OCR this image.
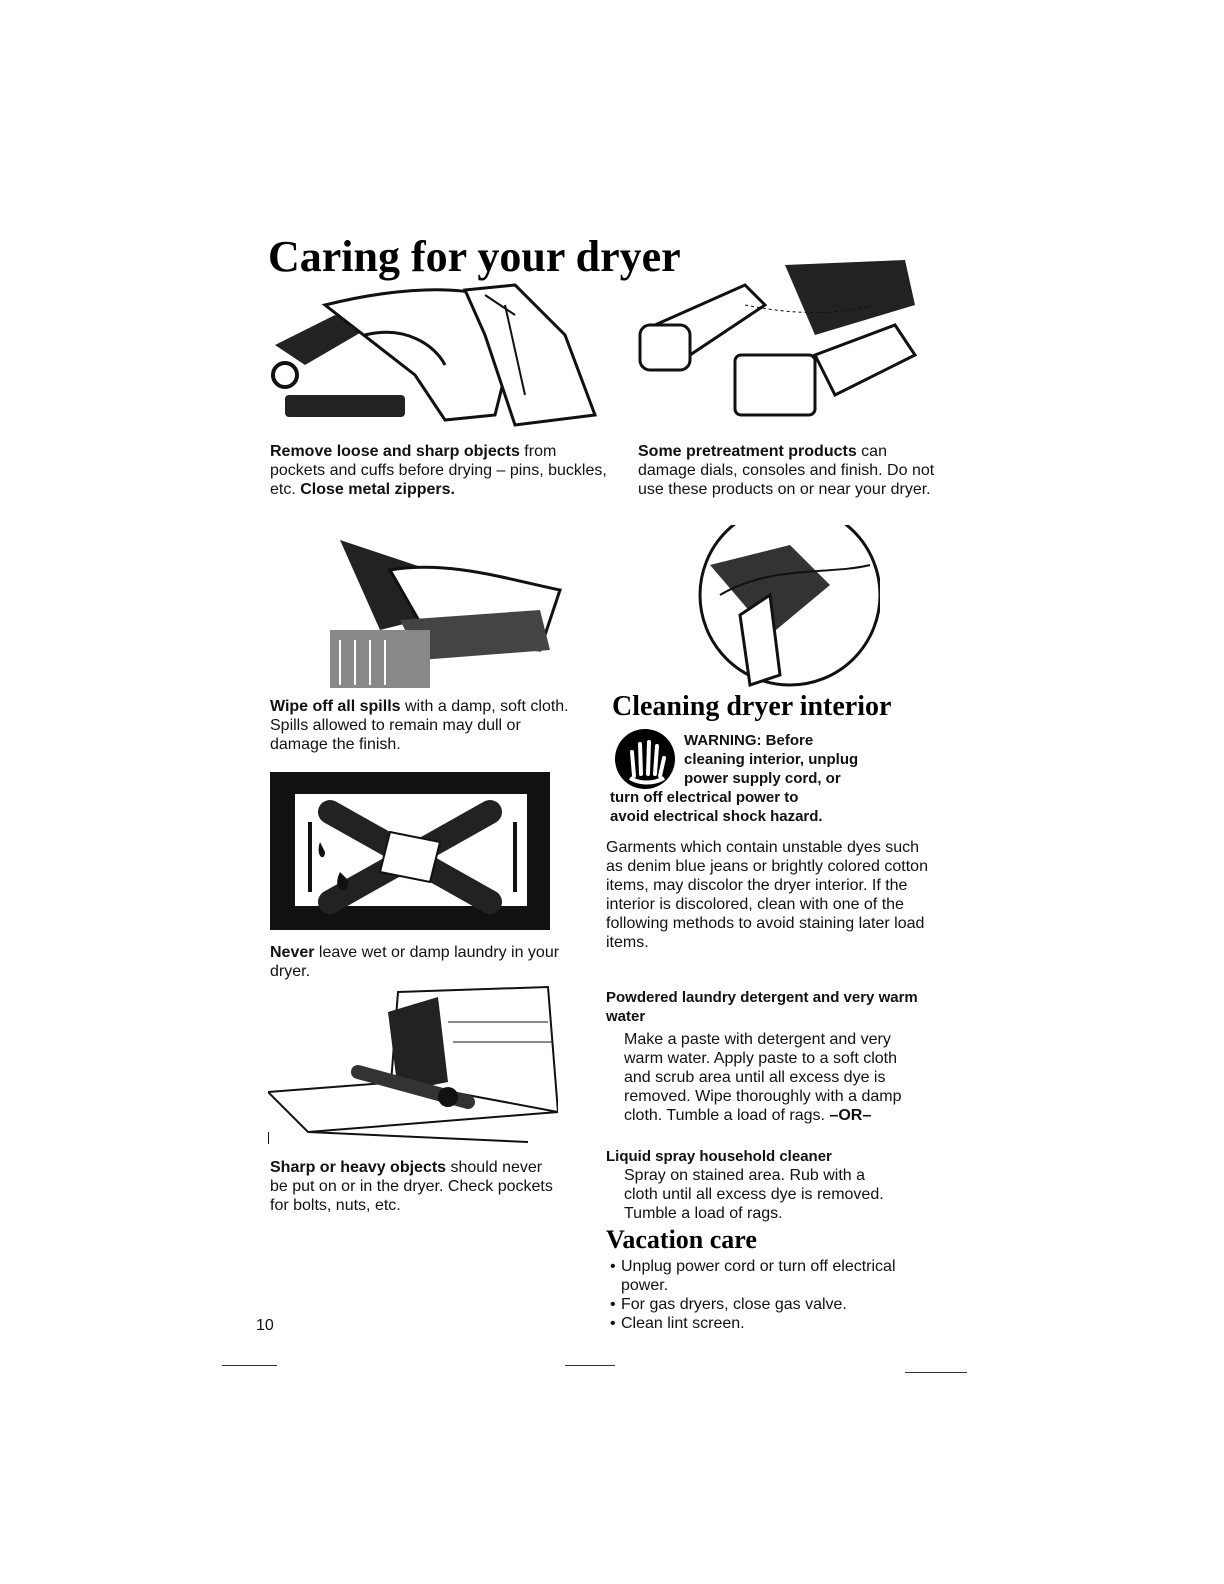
Caring for your dryer
Remove loose and sharp objects from pockets and cuffs before drying – pins, buckles, etc. Close metal zippers.
Some pretreatment products can damage dials, consoles and finish. Do not use these products on or near your dryer.
Wipe off all spills with a damp, soft cloth. Spills allowed to remain may dull or damage the finish.
Cleaning dryer interior
WARNING: Before
cleaning interior, unplug
power supply cord, or
turn off electrical power to
avoid electrical shock hazard.
Garments which contain unstable dyes such as denim blue jeans or brightly colored cotton items, may discolor the dryer interior. If the interior is discolored, clean with one of the following methods to avoid staining later load items.
Never leave wet or damp laundry in your dryer.
Powdered laundry detergent and very warm water
Make a paste with detergent and very warm water. Apply paste to a soft cloth and scrub area until all excess dye is removed. Wipe thoroughly with a damp cloth. Tumble a load of rags. –OR–
Liquid spray household cleaner
Spray on stained area. Rub with a cloth until all excess dye is removed. Tumble a load of rags.
Sharp or heavy objects should never be put on or in the dryer. Check pockets for bolts, nuts, etc.
Vacation care
• Unplug power cord or turn off electrical power.
• For gas dryers, close gas valve.
• Clean lint screen.
10
